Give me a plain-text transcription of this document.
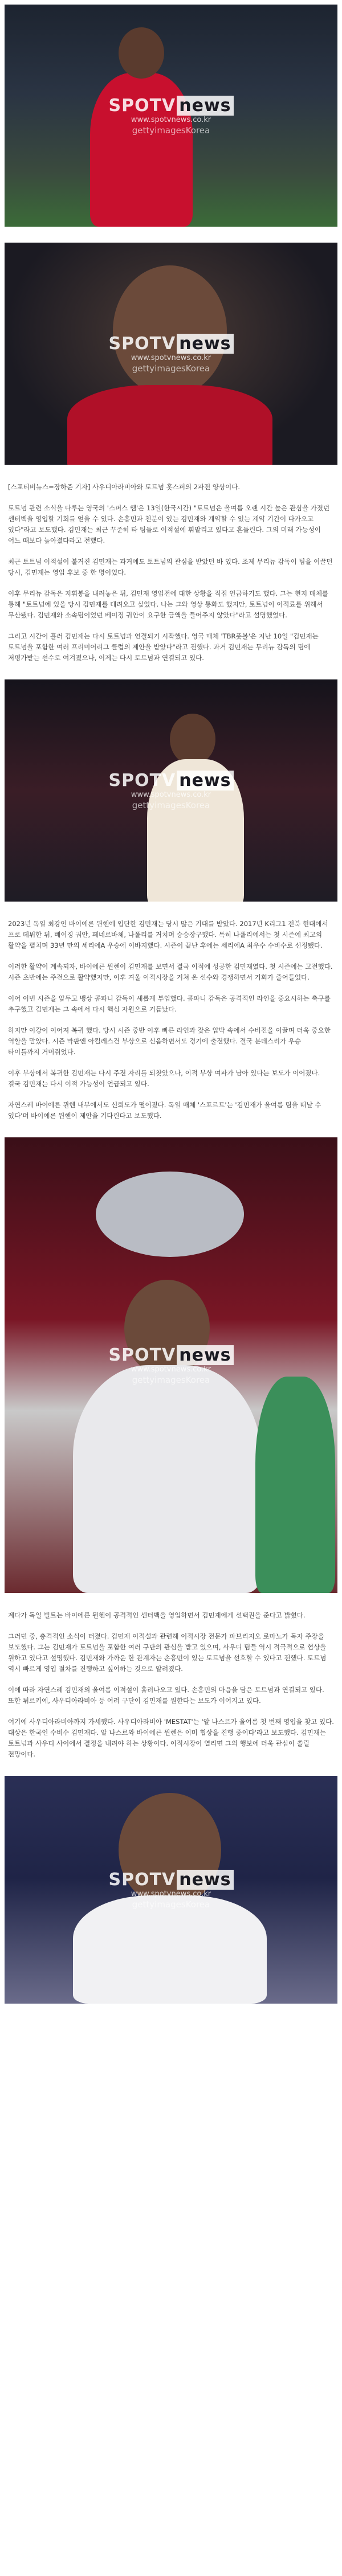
SPOTV news
www.spotvnews.co.kr
gettyimagesKorea
SPOTV news
www.spotvnews.co.kr
gettyimagesKorea

[스포티비뉴스=장하준 기자] 사우디아라비아와 토트넘 홋스퍼의 2파전 양상이다.

토트넘 관련 소식을 다루는 영국의 '스퍼스 웹'은 13일(한국시간) "토트넘은 올여름 오랜 시간 높은 관심을 가졌던 센터백을 영입할 기회를 얻을 수 있다. 손흥민과 친분이 있는 김민재와 계약할 수 있는 계약 기간이 다가오고 있다"라고 보도했다. 김민재는 최근 꾸준히 타 팀들로 이적설에 휘말리고 있다고 흔들린다. 그의 미래 가능성이 어느 때보다 높아졌다라고 전했다.

최근 토트넘 이적설이 불거진 김민재는 과거에도 토트넘의 관심을 받았던 바 있다. 조제 무리뉴 감독이 팀을 이끌던 당시, 김민재는 영입 후보 중 한 명이었다.

이후 무리뉴 감독은 지휘봉을 내려놓은 뒤, 김민재 영입전에 대한 상황을 직접 언급하기도 했다. 그는 현지 매체를 통해 "토트넘에 있을 당시 김민재를 데려오고 싶었다. 나는 그와 영상 통화도 했지만, 토트넘이 이적료를 위해서 무산됐다. 김민재와 소속팀이었던 베이징 궈안이 요구한 금액을 들어주지 않았다"라고 설명했었다.

그리고 시간이 흘러 김민재는 다시 토트넘과 연결되기 시작했다. 영국 매체 'TBR풋볼'은 지난 10일 "김민재는 토트넘을 포함한 여러 프리미어리그 클럽의 제안을 받았다"라고 전했다. 과거 김민재는 무리뉴 감독의 팀에 저평가받는 선수로 여겨졌으나, 이제는 다시 토트넘과 연결되고 있다.

SPOTV news
www.spotvnews.co.kr
gettyimagesKorea

2023년 독일 최강인 바이에른 뮌헨에 입단한 김민재는 당시 많은 기대를 받았다. 2017년 K리그1 전북 현대에서 프로 데뷔한 뒤, 베이징 궈안, 페네르바체, 나폴리를 거치며 승승장구했다. 특히 나폴리에서는 첫 시즌에 최고의 활약을 펼치며 33년 만의 세리에A 우승에 이바지했다. 시즌이 끝난 후에는 세리에A 최우수 수비수로 선정됐다.

이러한 활약이 계속되자, 바이에른 뮌헨이 김민재를 보면서 결국 이적에 성공한 김민재였다. 첫 시즌에는 고전했다. 시즌 초반에는 주전으로 활약했지만, 이후 겨울 이적시장을 거쳐 온 선수와 경쟁하면서 기회가 줄어들었다.

이어 이번 시즌을 앞두고 뱅상 콤파니 감독이 새롭게 부임했다. 콤파니 감독은 공격적인 라인을 중요시하는 축구를 추구했고 김민재는 그 속에서 다시 핵심 자원으로 거듭났다.

하지만 이강이 이어져 복귀 했다. 당시 시즌 중반 이후 빠른 라인과 잦은 압박 속에서 수비진을 이끌며 더욱 중요한 역할을 맡았다. 시즌 막판엔 아킬레스건 부상으로 신음하면서도 경기에 출전했다. 결국 분데스리가 우승 타이틀까지 거머쥐었다.

이후 부상에서 복귀한 김민재는 다시 주전 자리를 되찾았으나, 이적 부상 여파가 남아 있다는 보도가 이어졌다. 결국 김민재는 다시 이적 가능성이 언급되고 있다.

자연스레 바이에른 뮌헨 내부에서도 신뢰도가 떨어졌다. 독일 매체 '스포르트'는 '김민재가 올여름 팀을 떠날 수 있다'며 바이에른 뮌헨이 제안을 기다린다고 보도했다.

SPOTV news
www.spotvnews.co.kr
gettyimagesKorea

계다가 독일 빌트는 바이에른 뮌헨이 공격적인 센터백을 영입하면서 김민재에게 선택권을 준다고 밝혔다.

그러던 중, 충격적인 소식이 터졌다. 김민재 이적설과 관련해 이적시장 전문가 파브리지오 로마노가 독자 주장을 보도했다. 그는 김민재가 토트넘을 포함한 여러 구단의 관심을 받고 있으며, 사우디 팀들 역시 적극적으로 협상을 원하고 있다고 설명했다. 김민재와 가까운 한 관계자는 손흥민이 있는 토트넘을 선호할 수 있다고 전했다. 토트넘 역시 빠르게 영입 절차를 진행하고 싶어하는 것으로 알려졌다.

이에 따라 자연스레 김민재의 올여름 이적설이 흘러나오고 있다. 손흥민의 마음을 담은 토트넘과 연결되고 있다. 또한 튀르키예, 사우디아라비아 등 여러 구단이 김민재를 원한다는 보도가 이어지고 있다.

여기에 사우디아라비아까지 가세했다. 사우디아라비아 'MESTAT'는 '알 나스르가 올여름 첫 번째 영입을 찾고 있다. 대상은 한국인 수비수 김민재다. 알 나스르와 바이에른 뮌헨은 이미 협상을 진행 중이다'라고 보도했다. 김민재는 토트넘과 사우디 사이에서 결정을 내려야 하는 상황이다. 이적시장이 열리면 그의 행보에 더욱 관심이 쏠릴 전망이다.

SPOTV news
www.spotvnews.co.kr
gettyimagesKorea
